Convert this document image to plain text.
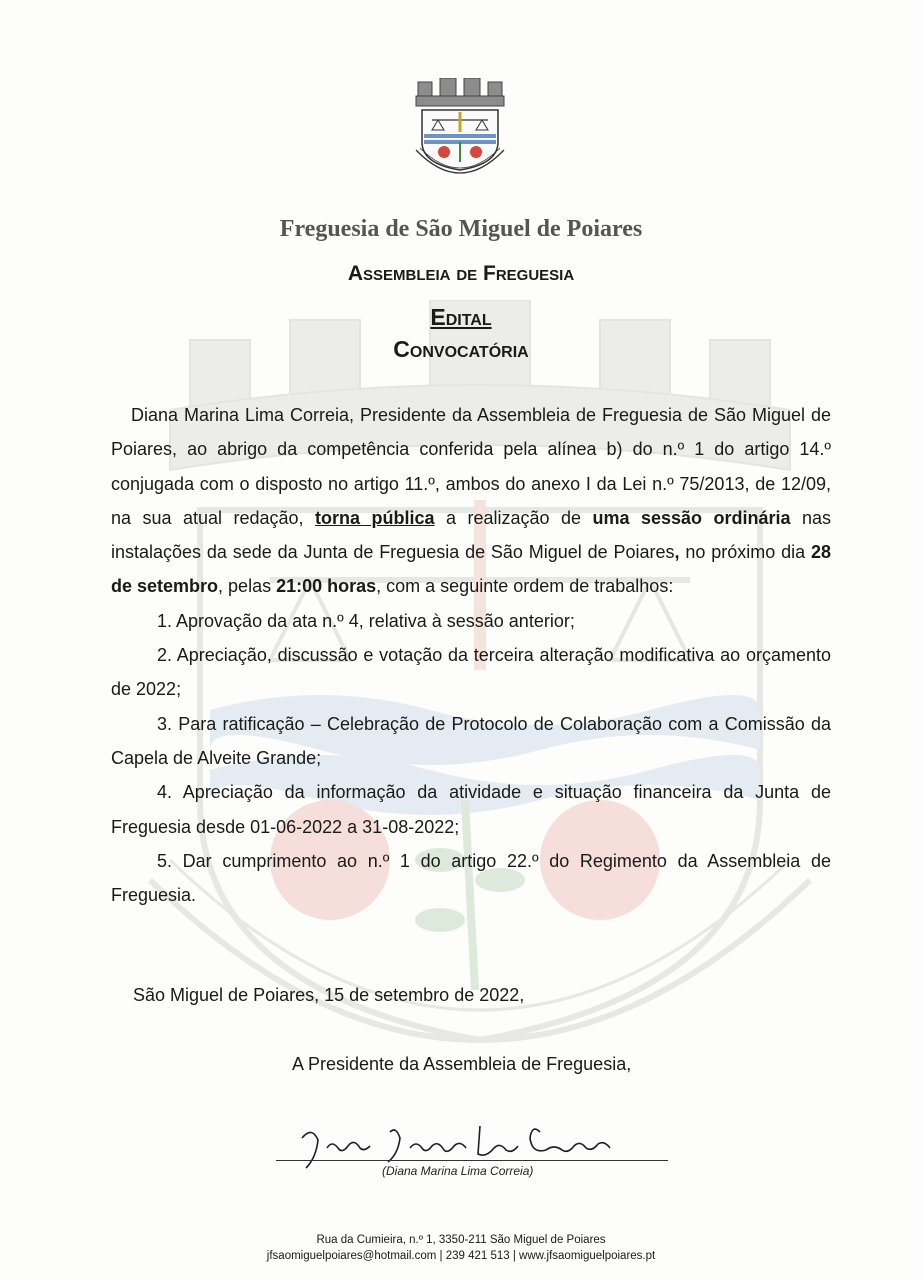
Freguesia de São Miguel de Poiares
Assembleia de Freguesia
Edital
Convocatória

Diana Marina Lima Correia, Presidente da Assembleia de Freguesia de São Miguel de Poiares, ao abrigo da competência conferida pela alínea b) do n.º 1 do artigo 14.º conjugada com o disposto no artigo 11.º, ambos do anexo I da Lei n.º 75/2013, de 12/09, na sua atual redação, torna pública a realização de uma sessão ordinária nas instalações da sede da Junta de Freguesia de São Miguel de Poiares, no próximo dia 28 de setembro, pelas 21:00 horas, com a seguinte ordem de trabalhos:

1. Aprovação da ata n.º 4, relativa à sessão anterior;

2. Apreciação, discussão e votação da terceira alteração modificativa ao orçamento de 2022;

3. Para ratificação – Celebração de Protocolo de Colaboração com a Comissão da Capela de Alveite Grande;

4. Apreciação da informação da atividade e situação financeira da Junta de Freguesia desde 01-06-2022 a 31-08-2022;

5. Dar cumprimento ao n.º 1 do artigo 22.º do Regimento da Assembleia de Freguesia.

São Miguel de Poiares, 15 de setembro de 2022,
A Presidente da Assembleia de Freguesia,
(Diana Marina Lima Correia)
Rua da Cumieira, n.º 1, 3350-211 São Miguel de Poiares
jfsaomiguelpoiares@hotmail.com | 239 421 513 | www.jfsaomiguelpoiares.pt
